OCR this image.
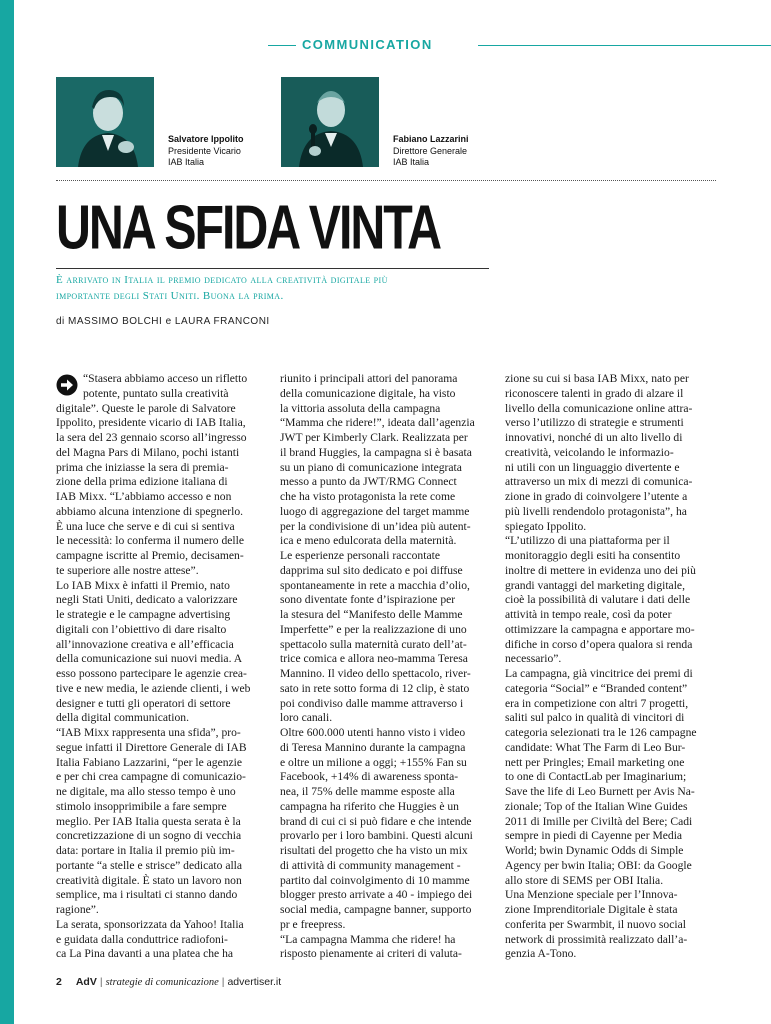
COMMUNICATION
Salvatore Ippolito
Presidente Vicario
IAB Italia
Fabiano Lazzarini
Direttore Generale
IAB Italia
UNA SFIDA VINTA
È arrivato in Italia il premio dedicato alla creatività digitale più
importante degli Stati Uniti. Buona la prima.
di MASSIMO BOLCHI e LAURA FRANCONI

“Stasera abbiamo acceso un rifletto

potente, puntato sulla creatività

digitale”. Queste le parole di Salvatore

Ippolito, presidente vicario di IAB Italia,

la sera del 23 gennaio scorso all’ingresso

del Magna Pars di Milano, pochi istanti

prima che iniziasse la sera di premia-

zione della prima edizione italiana di

IAB Mixx. “L’abbiamo accesso e non

abbiamo alcuna intenzione di spegnerlo.

È una luce che serve e di cui si sentiva

le necessità: lo conferma il numero delle

campagne iscritte al Premio, decisamen-

te superiore alle nostre attese”.

Lo IAB Mixx è infatti il Premio, nato

negli Stati Uniti, dedicato a valorizzare

le strategie e le campagne advertising

digitali con l’obiettivo di dare risalto

all’innovazione creativa e all’efficacia

della comunicazione sui nuovi media. A

esso possono partecipare le agenzie crea-

tive e new media, le aziende clienti, i web

designer e tutti gli operatori di settore

della digital communication.

“IAB Mixx rappresenta una sfida”, pro-

segue infatti il Direttore Generale di IAB

Italia Fabiano Lazzarini, “per le agenzie

e per chi crea campagne di comunicazio-

ne digitale, ma allo stesso tempo è uno

stimolo insopprimibile a fare sempre

meglio. Per IAB Italia questa serata è la

concretizzazione di un sogno di vecchia

data: portare in Italia il premio più im-

portante “a stelle e strisce” dedicato alla

creatività digitale. È stato un lavoro non

semplice, ma i risultati ci stanno dando

ragione”.

La serata, sponsorizzata da Yahoo! Italia

e guidata dalla conduttrice radiofoni-

ca La Pina davanti a una platea che ha

riunito i principali attori del panorama

della comunicazione digitale, ha visto

la vittoria assoluta della campagna

“Mamma che ridere!”, ideata dall’agenzia

JWT per Kimberly Clark. Realizzata per

il brand Huggies, la campagna si è basata

su un piano di comunicazione integrata

messo a punto da JWT/RMG Connect

che ha visto protagonista la rete come

luogo di aggregazione del target mamme

per la condivisione di un’idea più autent-

ica e meno edulcorata della maternità.

Le esperienze personali raccontate

dapprima sul sito dedicato e poi diffuse

spontaneamente in rete a macchia d’olio,

sono diventate fonte d’ispirazione per

la stesura del “Manifesto delle Mamme

Imperfette” e per la realizzazione di uno

spettacolo sulla maternità curato dell’at-

trice comica e allora neo-mamma Teresa

Mannino. Il video dello spettacolo, river-

sato in rete sotto forma di 12 clip, è stato

poi condiviso dalle mamme attraverso i

loro canali.

Oltre 600.000 utenti hanno visto i video

di Teresa Mannino durante la campagna

e oltre un milione a oggi; +155% Fan su

Facebook, +14% di awareness sponta-

nea, il 75% delle mamme esposte alla

campagna ha riferito che Huggies è un

brand di cui ci si può fidare e che intende

provarlo per i loro bambini. Questi alcuni

risultati del progetto che ha visto un mix

di attività di community management -

partito dal coinvolgimento di 10 mamme

blogger presto arrivate a 40 - impiego dei

social media, campagne banner, supporto

pr e freepress.

“La campagna Mamma che ridere! ha

risposto pienamente ai criteri di valuta-

zione su cui si basa IAB Mixx, nato per

riconoscere talenti in grado di alzare il

livello della comunicazione online attra-

verso l’utilizzo di strategie e strumenti

innovativi, nonché di un alto livello di

creatività, veicolando le informazio-

ni utili con un linguaggio divertente e

attraverso un mix di mezzi di comunica-

zione in grado di coinvolgere l’utente a

più livelli rendendolo protagonista”, ha

spiegato Ippolito.

“L’utilizzo di una piattaforma per il

monitoraggio degli esiti ha consentito

inoltre di mettere in evidenza uno dei più

grandi vantaggi del marketing digitale,

cioè la possibilità di valutare i dati delle

attività in tempo reale, così da poter

ottimizzare la campagna e apportare mo-

difiche in corso d’opera qualora si renda

necessario”.

La campagna, già vincitrice dei premi di

categoria “Social” e “Branded content”

era in competizione con altri 7 progetti,

saliti sul palco in qualità di vincitori di

categoria selezionati tra le 126 campagne

candidate: What The Farm di Leo Bur-

nett per Pringles; Email marketing one

to one di ContactLab per Imaginarium;

Save the life di Leo Burnett per Avis Na-

zionale; Top of the Italian Wine Guides

2011 di Imille per Civiltà del Bere; Cadi

sempre in piedi di Cayenne per Media

World; bwin Dynamic Odds di Simple

Agency per bwin Italia; OBI: da Google

allo store di SEMS per OBI Italia.

Una Menzione speciale per l’Innova-

zione Imprenditoriale Digitale è stata

conferita per Swarmbit, il nuovo social

network di prossimità realizzato dall’a-

genzia A-Tono.

2 AdV | strategie di comunicazione | advertiser.it
